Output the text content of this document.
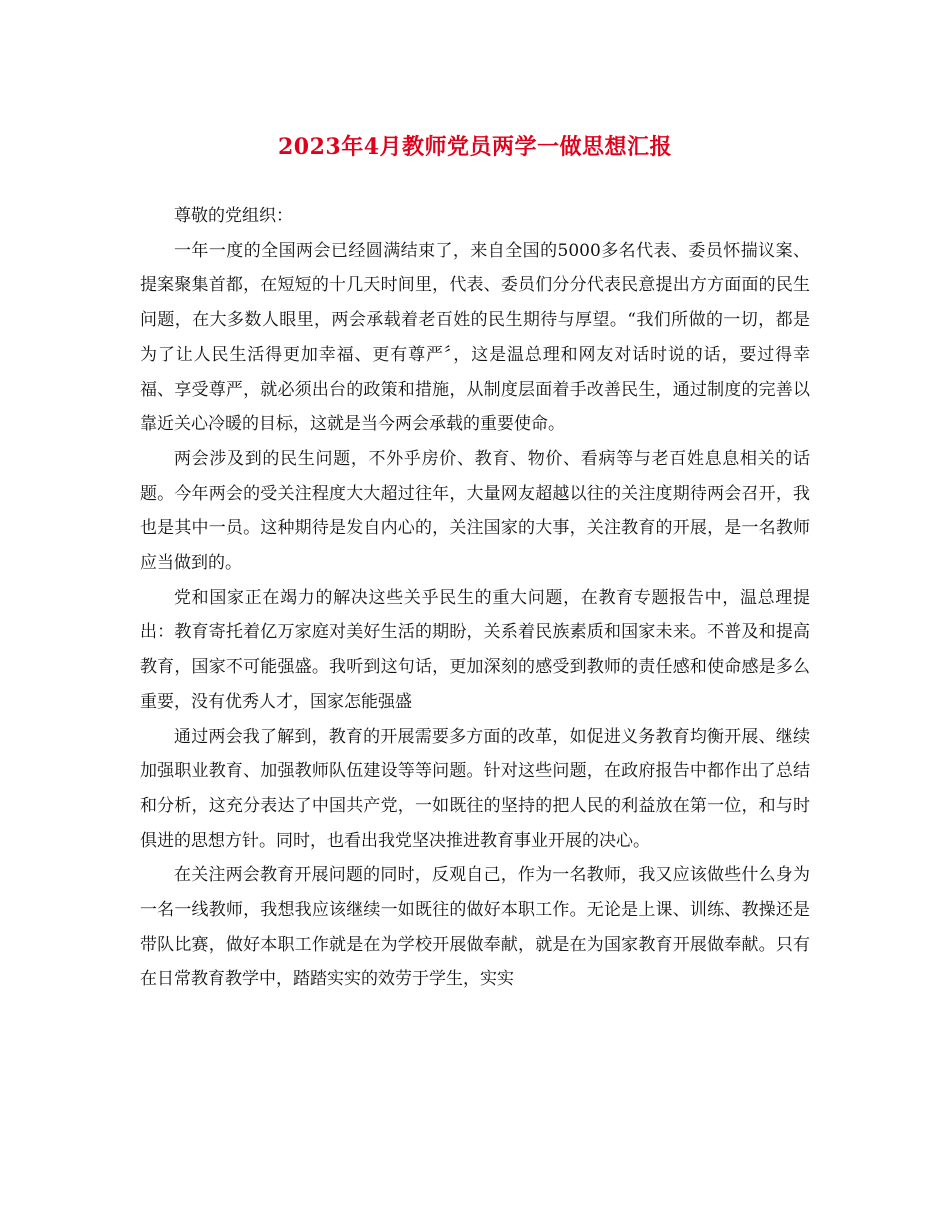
2023年4月教师党员两学一做思想汇报

尊敬的党组织：

一年一度的全国两会已经圆满结束了，来自全国的5000多名代表、委员怀揣议案、提案聚集首都，在短短的十几天时间里，代表、委员们分分代表民意提出方方面面的民生问题，在大多数人眼里，两会承载着老百姓的民生期待与厚望。“我们所做的一切，都是为了让人民生活得更加幸福、更有尊严〞，这是温总理和网友对话时说的话，要过得幸福、享受尊严，就必须出台的政策和措施，从制度层面着手改善民生，通过制度的完善以靠近关心冷暖的目标，这就是当今两会承载的重要使命。

两会涉及到的民生问题，不外乎房价、教育、物价、看病等与老百姓息息相关的话题。今年两会的受关注程度大大超过往年，大量网友超越以往的关注度期待两会召开，我也是其中一员。这种期待是发自内心的，关注国家的大事，关注教育的开展，是一名教师应当做到的。

党和国家正在竭力的解决这些关乎民生的重大问题，在教育专题报告中，温总理提出：教育寄托着亿万家庭对美好生活的期盼，关系着民族素质和国家未来。不普及和提高教育，国家不可能强盛。我听到这句话，更加深刻的感受到教师的责任感和使命感是多么重要，没有优秀人才，国家怎能强盛

通过两会我了解到，教育的开展需要多方面的改革，如促进义务教育均衡开展、继续加强职业教育、加强教师队伍建设等等问题。针对这些问题，在政府报告中都作出了总结和分析，这充分表达了中国共产党，一如既往的坚持的把人民的利益放在第一位，和与时俱进的思想方针。同时，也看出我党坚决推进教育事业开展的决心。

在关注两会教育开展问题的同时，反观自己，作为一名教师，我又应该做些什么身为一名一线教师，我想我应该继续一如既往的做好本职工作。无论是上课、训练、教操还是带队比赛，做好本职工作就是在为学校开展做奉献，就是在为国家教育开展做奉献。只有在日常教育教学中，踏踏实实的效劳于学生，实实
